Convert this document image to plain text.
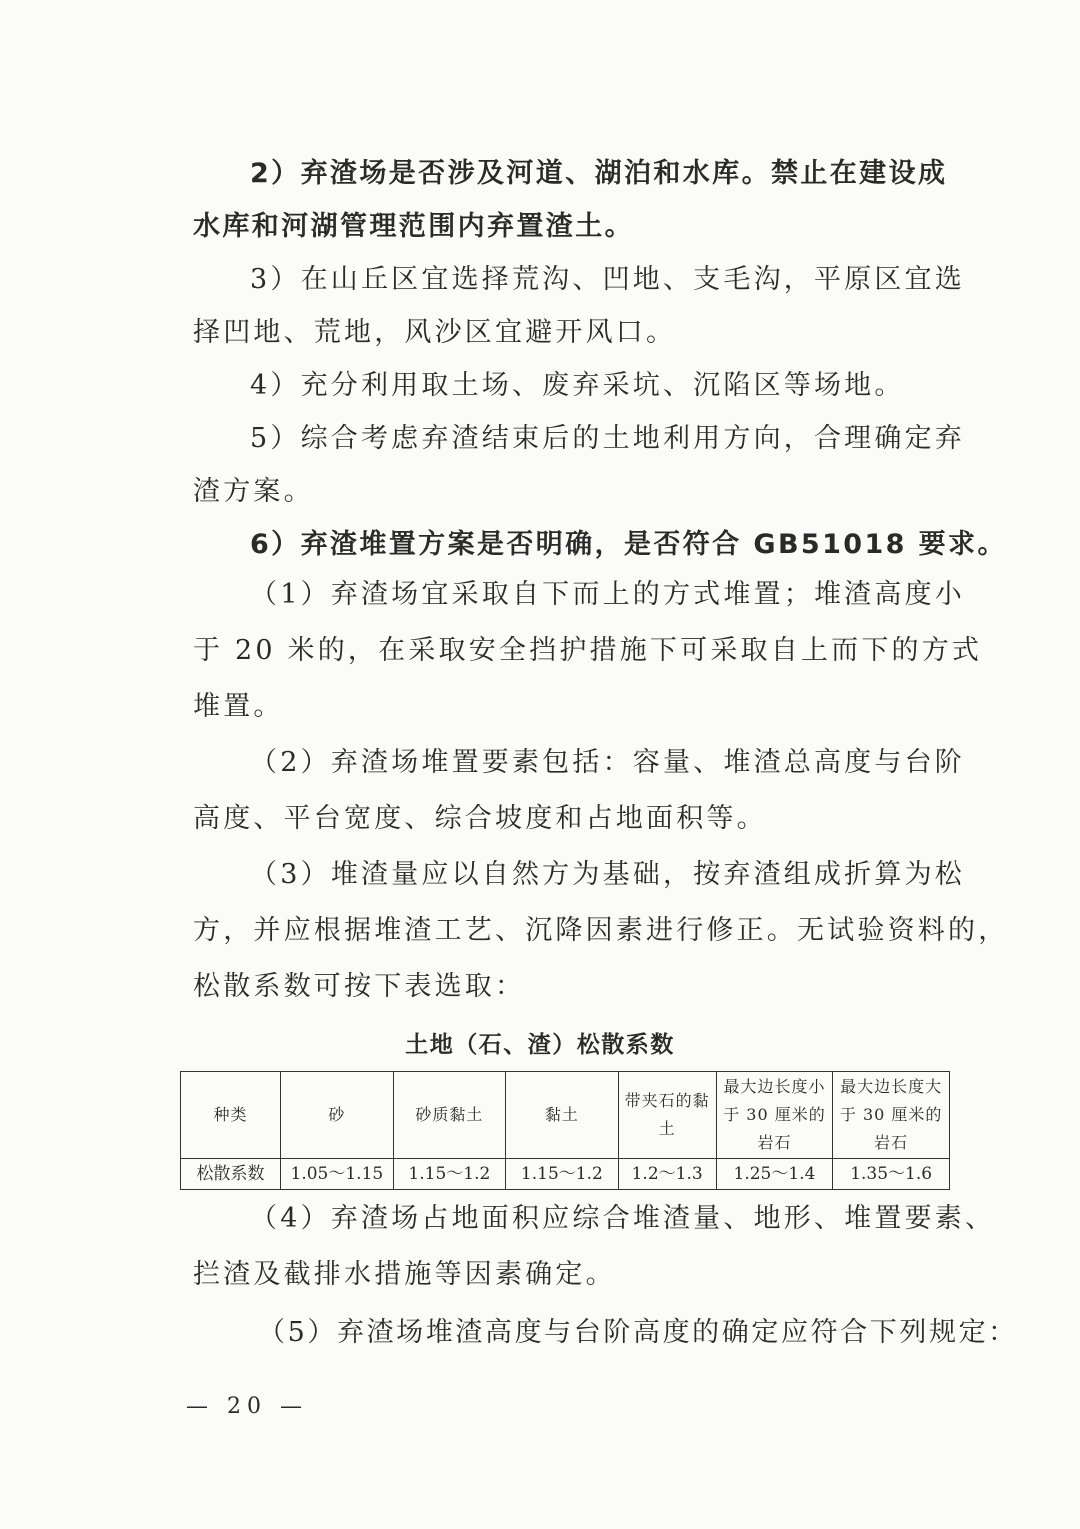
2）弃渣场是否涉及河道、湖泊和水库。禁止在建设成
水库和河湖管理范围内弃置渣土。
3）在山丘区宜选择荒沟、凹地、支毛沟，平原区宜选
择凹地、荒地，风沙区宜避开风口。
4）充分利用取土场、废弃采坑、沉陷区等场地。
5）综合考虑弃渣结束后的土地利用方向，合理确定弃
渣方案。
6）弃渣堆置方案是否明确，是否符合 GB51018 要求。
（1）弃渣场宜采取自下而上的方式堆置；堆渣高度小
于 20 米的，在采取安全挡护措施下可采取自上而下的方式
堆置。
（2）弃渣场堆置要素包括：容量、堆渣总高度与台阶
高度、平台宽度、综合坡度和占地面积等。
（3）堆渣量应以自然方为基础，按弃渣组成折算为松
方，并应根据堆渣工艺、沉降因素进行修正。无试验资料的，
松散系数可按下表选取：
土地（石、渣）松散系数
种类	砂	砂质黏土	黏土	带夹石的黏土	最大边长度小于 30 厘米的岩石	最大边长度大于 30 厘米的岩石
松散系数	1.05～1.15	1.15～1.2	1.15～1.2	1.2～1.3	1.25～1.4	1.35～1.6
（4）弃渣场占地面积应综合堆渣量、地形、堆置要素、
拦渣及截排水措施等因素确定。
（5）弃渣场堆渣高度与台阶高度的确定应符合下列规定：
— 20 —
